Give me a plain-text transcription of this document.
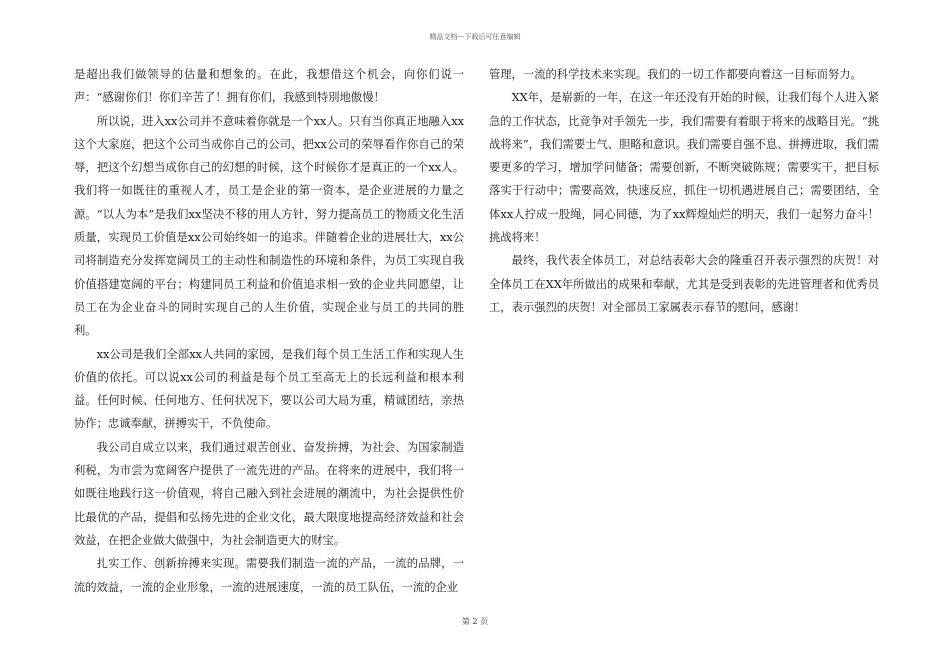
精品文档---下载后可任意编辑

是超出我们做领导的估量和想象的。在此，我想借这个机会，向你们说一声：“感谢你们！你们辛苦了！拥有你们，我感到特別地傲慢！

所以说，进入xx公司并不意味着你就是一个xx人。只有当你真正地融入xx这个大家庭，把这个公司当成你自己的公司，把xx公司的荣辱看作你自己的荣辱，把这个幻想当成你自己的幻想的时候，这个时候你才是真正的一个xx人。我们将一如既往的重视人才，员工是企业的第一资本，是企业进展的力量之源。“以人为本”是我们xx坚决不移的用人方针，努力提高员工的物质文化生活质量，实现员工价值是xx公司始终如一的追求。伴随着企业的进展壮大，xx公司将制造充分发挥宽阔员工的主动性和制造性的环境和条件，为员工实现自我价值搭建宽阔的平台；构建同员工利益和价值追求相一致的企业共同愿望，让员工在为企业奋斗的同时实现自己的人生价值，实现企业与员工的共同的胜利。

xx公司是我们全部xx人共同的家园，是我们每个员工生活工作和实现人生价值的依托。可以说xx公司的利益是每个员工至高无上的长远利益和根本利益。任何时候、任何地方、任何状况下，要以公司大局为重，精诚团结，亲热协作；忠诚奉献，拼搏实干，不负使命。

我公司自成立以来，我们通过艰苦创业、奋发拚搏，为社会、为国家制造利税，为市尝为宽阔客户提供了一流先进的产品。在将来的进展中，我们将一如既往地践行这一价值观，将自己融入到社会进展的潮流中，为社会提供性价比最优的产品，提倡和弘扬先进的企业文化，最大限度地提高经济效益和社会效益，在把企业做大做强中，为社会制造更大的财宝。

扎实工作、创新拚搏来实现。需要我们制造一流的产品，一流的品牌，一流的效益，一流的企业形象，一流的进展速度，一流的员工队伍，一流的企业

管理，一流的科学技术来实现。我们的一切工作都要向着这一目标而努力。

XX年，是崭新的一年，在这一年还没有开始的时候，让我们每个人进入紧急的工作状态，比竞争对手领先一步，我们需要有着眼于将来的战略目光。“挑战将来”，我们需要士气、胆略和意识。我们需要自强不息、拼搏进取，我们需要更多的学习，增加学问储备；需要创新，不断突破陈规；需要实干，把目标落实于行动中；需要高效，快速反应，抓住一切机遇进展自己；需要团结，全体xx人拧成一股绳，同心同德，为了xx辉煌灿烂的明天，我们一起努力奋斗！挑战将来！

最终，我代表全体员工，对总结表彰大会的隆重召开表示强烈的庆贺！对全体员工在XX年所做出的成果和奉献，尤其是受到表彰的先进管理者和优秀员工，表示强烈的庆贺！对全部员工家属表示春节的慰问，感谢！

第 2 页
